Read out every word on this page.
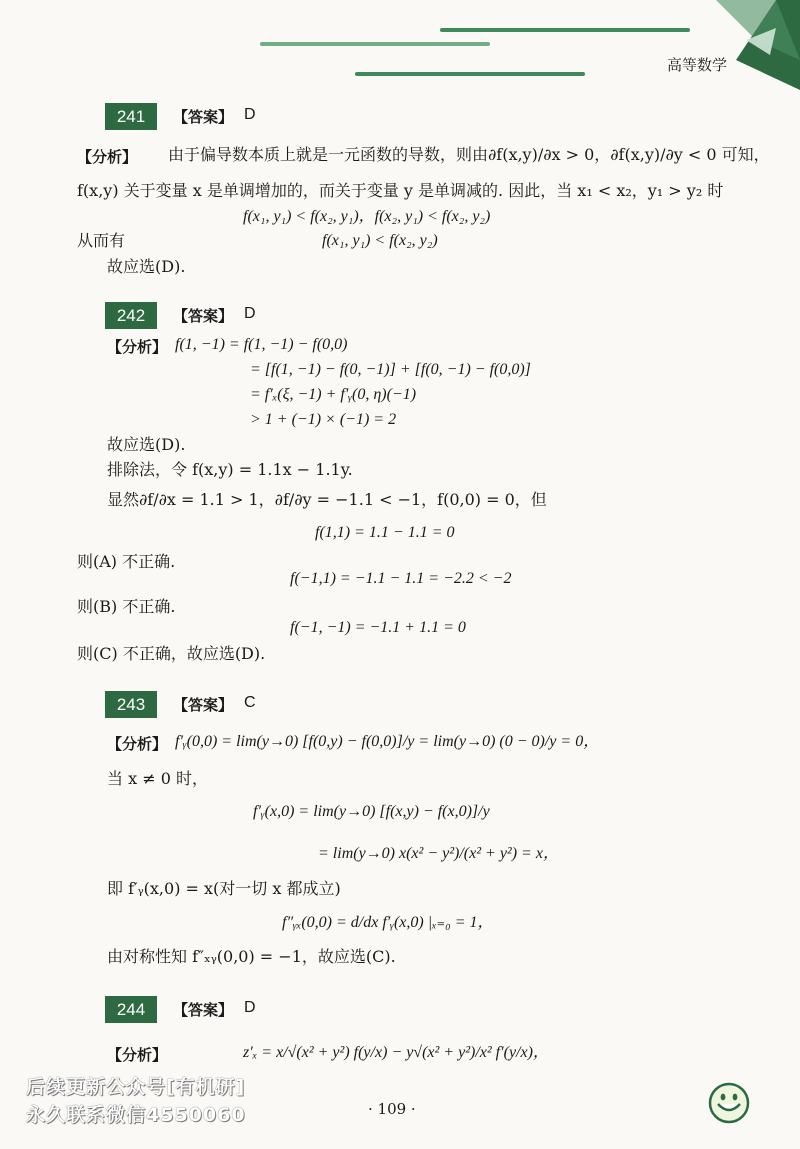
高等数学
241	【答案】 D
【分析】 由于偏导数本质上就是一元函数的导数，则由∂f(x,y)/∂x > 0，∂f(x,y)/∂y < 0 可知，
f(x,y) 关于变量 x 是单调增加的，而关于变量 y 是单调减的. 因此，当 x₁ < x₂，y₁ > y₂ 时
f(x₁, y₁) < f(x₂, y₁)，f(x₂, y₁) < f(x₂, y₂)
从而有	f(x₁, y₁) < f(x₂, y₂)
故应选(D).
242	【答案】 D
【分析】 f(1, −1) = f(1, −1) − f(0,0)
= [f(1, −1) − f(0, −1)] + [f(0, −1) − f(0,0)]
= f′ₓ(ξ, −1) + f′ᵧ(0, η)(−1)
> 1 + (−1) × (−1) = 2
故应选(D).
排除法，令 f(x,y) = 1.1x − 1.1y.
显然∂f/∂x = 1.1 > 1，∂f/∂y = −1.1 < −1，f(0,0) = 0，但
f(1,1) = 1.1 − 1.1 = 0
则(A) 不正确.
f(−1,1) = −1.1 − 1.1 = −2.2 < −2
则(B) 不正确.
f(−1, −1) = −1.1 + 1.1 = 0
则(C) 不正确，故应选(D).
243	【答案】 C
【分析】 f′ᵧ(0,0) = lim(y→0) [f(0,y) − f(0,0)]/y = lim(y→0) (0 − 0)/y = 0，
当 x ≠ 0 时，
f′ᵧ(x,0) = lim(y→0) [f(x,y) − f(x,0)]/y
= lim(y→0) x(x² − y²)/(x² + y²) = x，
即 f′ᵧ(x,0) = x(对一切 x 都成立)
f″ᵧₓ(0,0) = d/dx f′ᵧ(x,0) |ₓ₌₀ = 1，
由对称性知 f″ₓᵧ(0,0) = −1，故应选(C).
244	【答案】 D
【分析】	z′ₓ = x/√(x² + y²) f(y/x) − y√(x² + y²)/x² f′(y/x)，
· 109 ·
后续更新公众号[有机研]
永久联系微信4550060
